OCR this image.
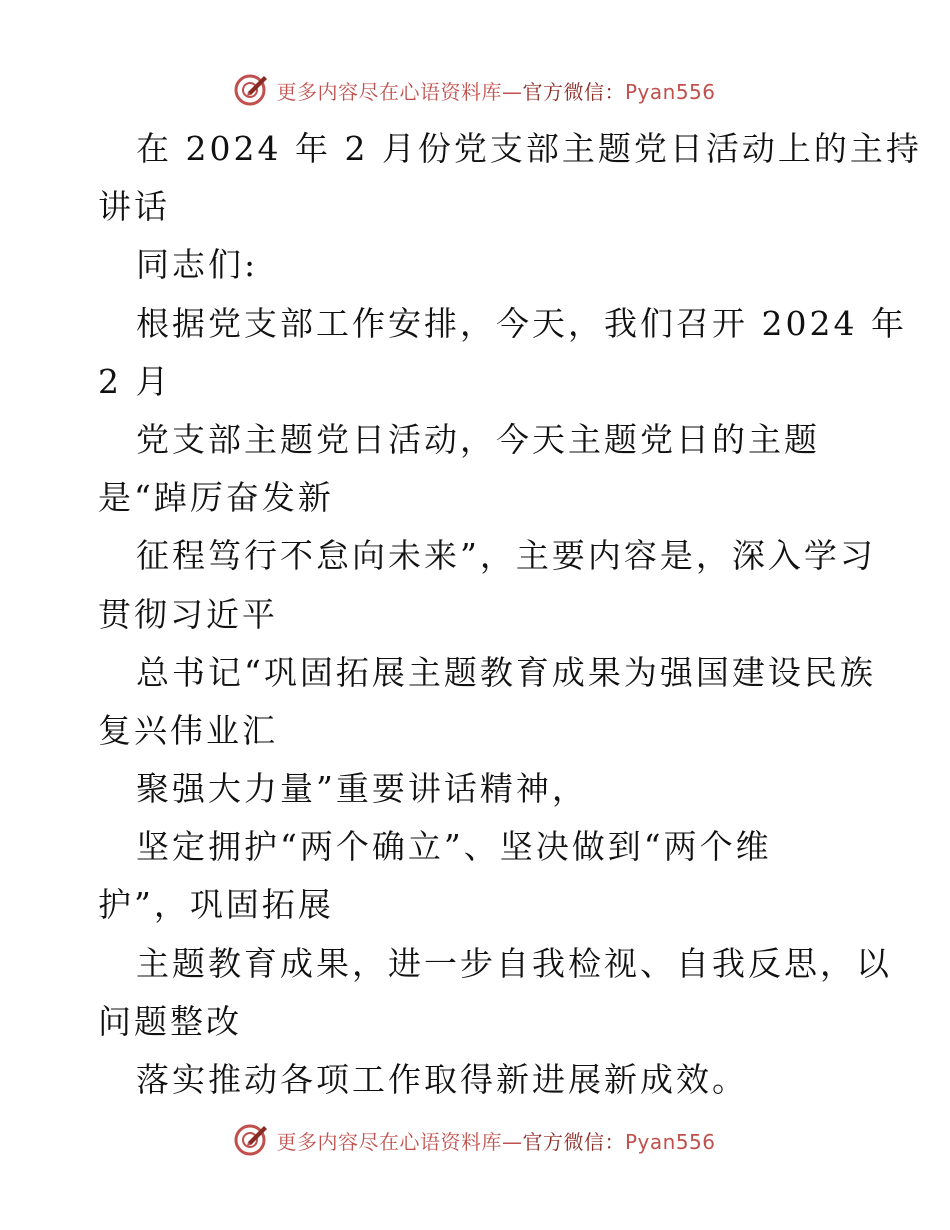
更多内容尽在心语资料库—官方微信：Pyan556
在 2024 年 2 月份党支部主题党日活动上的主持
讲话
同志们:
根据党支部工作安排，今天，我们召开 2024 年
2 月
党支部主题党日活动，今天主题党日的主题
是“踔厉奋发新
征程笃行不怠向未来”，主要内容是，深入学习
贯彻习近平
总书记“巩固拓展主题教育成果为强国建设民族
复兴伟业汇
聚强大力量”重要讲话精神，
坚定拥护“两个确立”、坚决做到“两个维
护”，巩固拓展
主题教育成果，进一步自我检视、自我反思，以
问题整改
落实推动各项工作取得新进展新成效。
更多内容尽在心语资料库—官方微信：Pyan556
